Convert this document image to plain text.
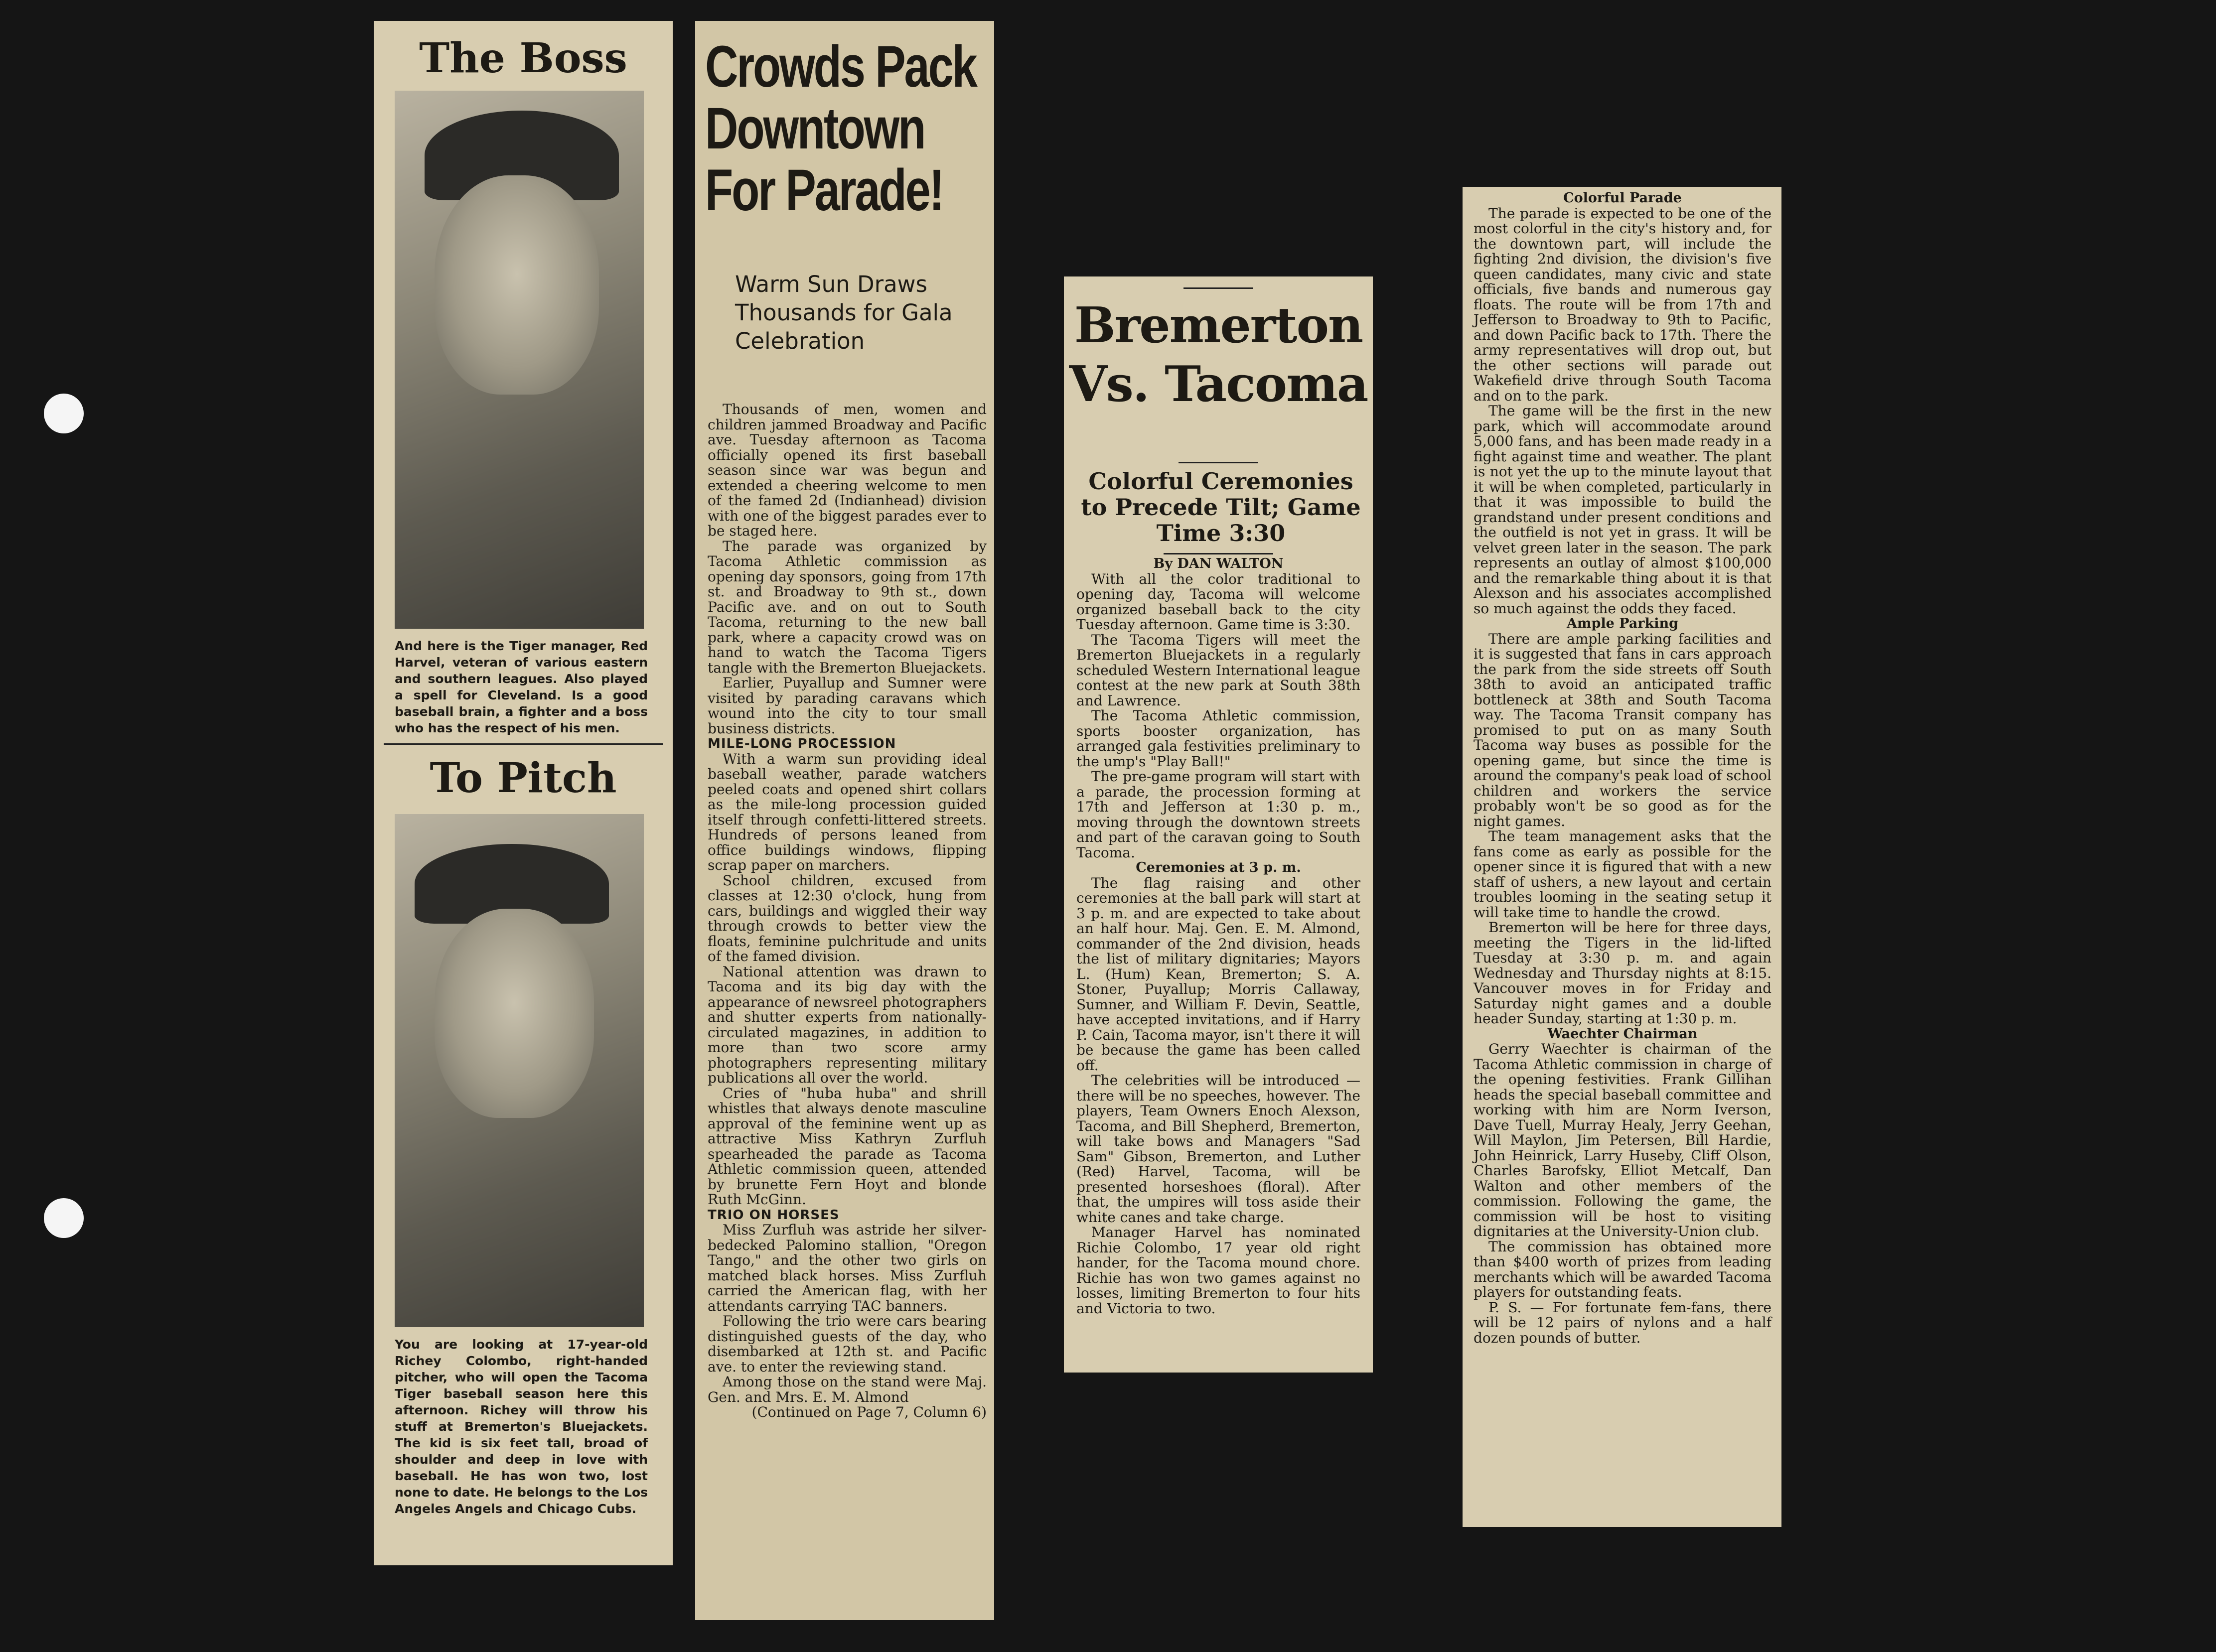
The Boss
And here is the Tiger manager, Red Harvel, veteran of various eastern and southern leagues. Also played a spell for Cleveland. Is a good baseball brain, a fighter and a boss who has the respect of his men.
To Pitch
You are looking at 17-year-old Richey Colombo, right-handed pitcher, who will open the Tacoma Tiger baseball season here this afternoon. Richey will throw his stuff at Bremerton's Bluejackets. The kid is six feet tall, broad of shoulder and deep in love with baseball. He has won two, lost none to date. He belongs to the Los Angeles Angels and Chicago Cubs.
Crowds Pack Downtown For Parade!
Warm Sun Draws Thousands for Gala Celebration

Thousands of men, women and children jammed Broadway and Pacific ave. Tuesday afternoon as Tacoma officially opened its first baseball season since war was begun and extended a cheering welcome to men of the famed 2d (Indianhead) division with one of the biggest parades ever to be staged here.

The parade was organized by Tacoma Athletic commission as opening day sponsors, going from 17th st. and Broadway to 9th st., down Pacific ave. and on out to South Tacoma, returning to the new ball park, where a capacity crowd was on hand to watch the Tacoma Tigers tangle with the Bremerton Bluejackets.

Earlier, Puyallup and Sumner were visited by parading caravans which wound into the city to tour small business districts.

MILE-LONG PROCESSION

With a warm sun providing ideal baseball weather, parade watchers peeled coats and opened shirt collars as the mile-long procession guided itself through confetti-littered streets. Hundreds of persons leaned from office buildings windows, flipping scrap paper on marchers.

School children, excused from classes at 12:30 o'clock, hung from cars, buildings and wiggled their way through crowds to better view the floats, feminine pulchritude and units of the famed division.

National attention was drawn to Tacoma and its big day with the appearance of newsreel photographers and shutter experts from nationally-circulated magazines, in addition to more than two score army photographers representing military publications all over the world.

Cries of "huba huba" and shrill whistles that always denote masculine approval of the feminine went up as attractive Miss Kathryn Zurfluh spearheaded the parade as Tacoma Athletic commission queen, attended by brunette Fern Hoyt and blonde Ruth McGinn.

TRIO ON HORSES

Miss Zurfluh was astride her silver-bedecked Palomino stallion, "Oregon Tango," and the other two girls on matched black horses. Miss Zurfluh carried the American flag, with her attendants carrying TAC banners.

Following the trio were cars bearing distinguished guests of the day, who disembarked at 12th st. and Pacific ave. to enter the reviewing stand.

Among those on the stand were Maj. Gen. and Mrs. E. M. Almond

(Continued on Page 7, Column 6)

Bremerton Vs. Tacoma
Colorful Ceremonies to Precede Tilt; Game Time 3:30

By DAN WALTON

With all the color traditional to opening day, Tacoma will welcome organized baseball back to the city Tuesday afternoon. Game time is 3:30.

The Tacoma Tigers will meet the Bremerton Bluejackets in a regularly scheduled Western International league contest at the new park at South 38th and Lawrence.

The Tacoma Athletic commission, sports booster organization, has arranged gala festivities preliminary to the ump's "Play Ball!"

The pre-game program will start with a parade, the procession forming at 17th and Jefferson at 1:30 p. m., moving through the downtown streets and part of the caravan going to South Tacoma.

Ceremonies at 3 p. m.

The flag raising and other ceremonies at the ball park will start at 3 p. m. and are expected to take about an half hour. Maj. Gen. E. M. Almond, commander of the 2nd division, heads the list of military dignitaries; Mayors L. (Hum) Kean, Bremerton; S. A. Stoner, Puyallup; Morris Callaway, Sumner, and William F. Devin, Seattle, have accepted invitations, and if Harry P. Cain, Tacoma mayor, isn't there it will be because the game has been called off.

The celebrities will be introduced —there will be no speeches, however. The players, Team Owners Enoch Alexson, Tacoma, and Bill Shepherd, Bremerton, will take bows and Managers "Sad Sam" Gibson, Bremerton, and Luther (Red) Harvel, Tacoma, will be presented horseshoes (floral). After that, the umpires will toss aside their white canes and take charge.

Manager Harvel has nominated Richie Colombo, 17 year old right hander, for the Tacoma mound chore. Richie has won two games against no losses, limiting Bremerton to four hits and Victoria to two.

Colorful Parade

The parade is expected to be one of the most colorful in the city's history and, for the downtown part, will include the fighting 2nd division, the division's five queen candidates, many civic and state officials, five bands and numerous gay floats. The route will be from 17th and Jefferson to Broadway to 9th to Pacific, and down Pacific back to 17th. There the army representatives will drop out, but the other sections will parade out Wakefield drive through South Tacoma and on to the park.

The game will be the first in the new park, which will accommodate around 5,000 fans, and has been made ready in a fight against time and weather. The plant is not yet the up to the minute layout that it will be when completed, particularly in that it was impossible to build the grandstand under present conditions and the outfield is not yet in grass. It will be velvet green later in the season. The park represents an outlay of almost $100,000 and the remarkable thing about it is that Alexson and his associates accomplished so much against the odds they faced.

Ample Parking

There are ample parking facilities and it is suggested that fans in cars approach the park from the side streets off South 38th to avoid an anticipated traffic bottleneck at 38th and South Tacoma way. The Tacoma Transit company has promised to put on as many South Tacoma way buses as possible for the opening game, but since the time is around the company's peak load of school children and workers the service probably won't be so good as for the night games.

The team management asks that the fans come as early as possible for the opener since it is figured that with a new staff of ushers, a new layout and certain troubles looming in the seating setup it will take time to handle the crowd.

Bremerton will be here for three days, meeting the Tigers in the lid-lifted Tuesday at 3:30 p. m. and again Wednesday and Thursday nights at 8:15. Vancouver moves in for Friday and Saturday night games and a double header Sunday, starting at 1:30 p. m.

Waechter Chairman

Gerry Waechter is chairman of the Tacoma Athletic commission in charge of the opening festivities. Frank Gillihan heads the special baseball committee and working with him are Norm Iverson, Dave Tuell, Murray Healy, Jerry Geehan, Will Maylon, Jim Petersen, Bill Hardie, John Heinrick, Larry Huseby, Cliff Olson, Charles Barofsky, Elliot Metcalf, Dan Walton and other members of the commission. Following the game, the commission will be host to visiting dignitaries at the University-Union club.

The commission has obtained more than $400 worth of prizes from leading merchants which will be awarded Tacoma players for outstanding feats.

P. S. — For fortunate fem-fans, there will be 12 pairs of nylons and a half dozen pounds of butter.
